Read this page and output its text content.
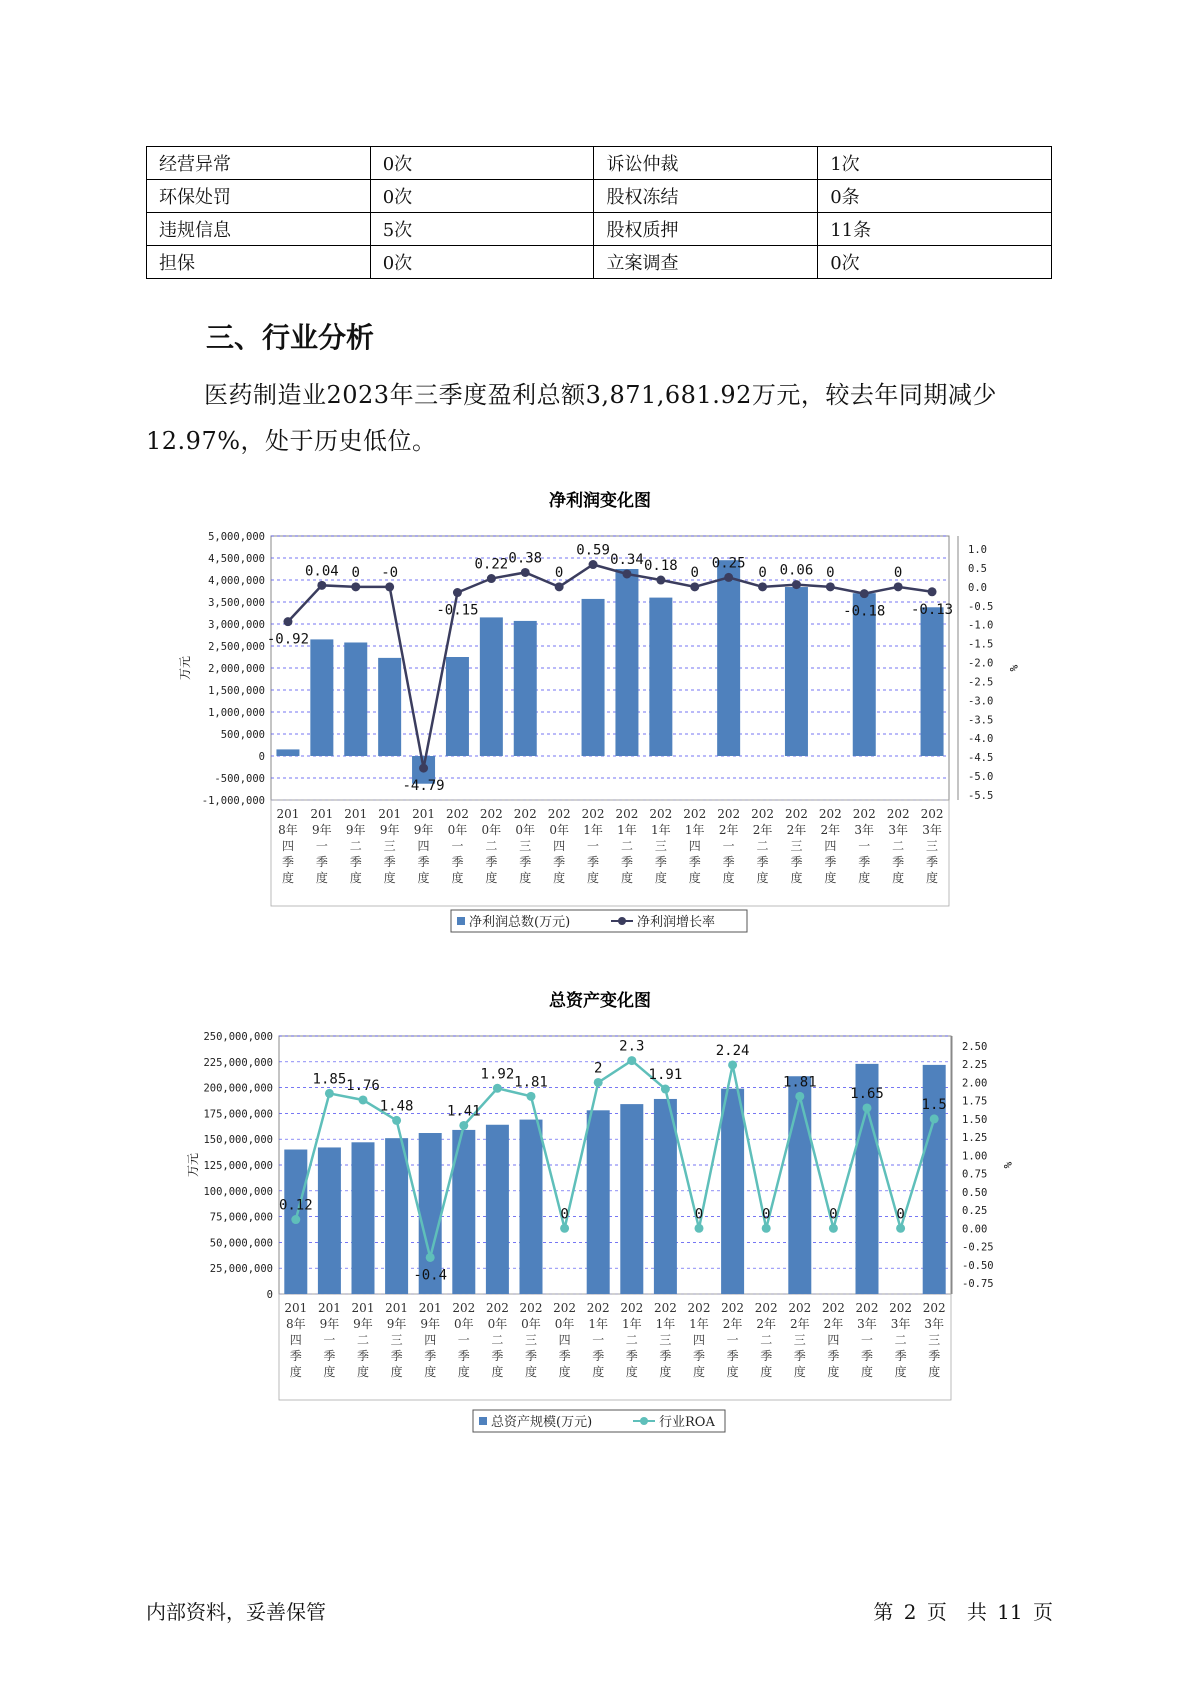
经营异常	0次	诉讼仲裁	1次
环保处罚	0次	股权冻结	0条
违规信息	5次	股权质押	11条
担保	0次	立案调查	0次
三、行业分析

医药制造业2023年三季度盈利总额3,871,681.92万元，较去年同期减少12.97%，处于历史低位。

净利润变化图
5,000,000
4,500,000
4,000,000
3,500,000
3,000,000
2,500,000
2,000,000
1,500,000
1,000,000
500,000
0
-500,000
-1,000,000
1.0
0.5
0.0
-0.5
-1.0
-1.5
-2.0
-2.5
-3.0
-3.5
-4.0
-4.5
-5.0
-5.5
万元	%
201
8年
四
季
度
201
9年
一
季
度
201
9年
二
季
度
201
9年
三
季
度
201
9年
四
季
度
202
0年
一
季
度
202
0年
二
季
度
202
0年
三
季
度
202
0年
四
季
度
202
1年
一
季
度
202
1年
二
季
度
202
1年
三
季
度
202
1年
四
季
度
202
2年
一
季
度
202
2年
二
季
度
202
2年
三
季
度
202
2年
四
季
度
202
3年
一
季
度
202
3年
二
季
度
202
3年
三
季
度
-0.92
0.04 0 -0
-4.79
-0.15
0.22 0.38
0
0.59
0.34 0.18 0
0.25
0 0.06 0
-0.18
0
-0.13
净利润总数(万元)	净利润增长率
总资产变化图
250,000,000
225,000,000
200,000,000
175,000,000
150,000,000
125,000,000
100,000,000
75,000,000
50,000,000
25,000,000
0
2.50
2.25
2.00
1.75
1.50
1.25
1.00
0.75
0.50
0.25
0.00
-0.25
-0.50
-0.75
万元	%
201
8年
四
季
度
201
9年
一
季
度
201
9年
二
季
度
201
9年
三
季
度
201
9年
四
季
度
202
0年
一
季
度
202
0年
二
季
度
202
0年
三
季
度
202
0年
四
季
度
202
1年
一
季
度
202
1年
二
季
度
202
1年
三
季
度
202
1年
四
季
度
202
2年
一
季
度
202
2年
二
季
度
202
2年
三
季
度
202
2年
四
季
度
202
3年
一
季
度
202
3年
二
季
度
202
3年
三
季
度
0.12
1.85 1.76
1.48
-0.4
1.41
1.92
1.81
0
2
2.3
1.91
0
2.24
0
1.81
0
1.65
0
1.5
总资产规模(万元)	行业ROA
内部资料，妥善保管	第 2 页　共 11 页
